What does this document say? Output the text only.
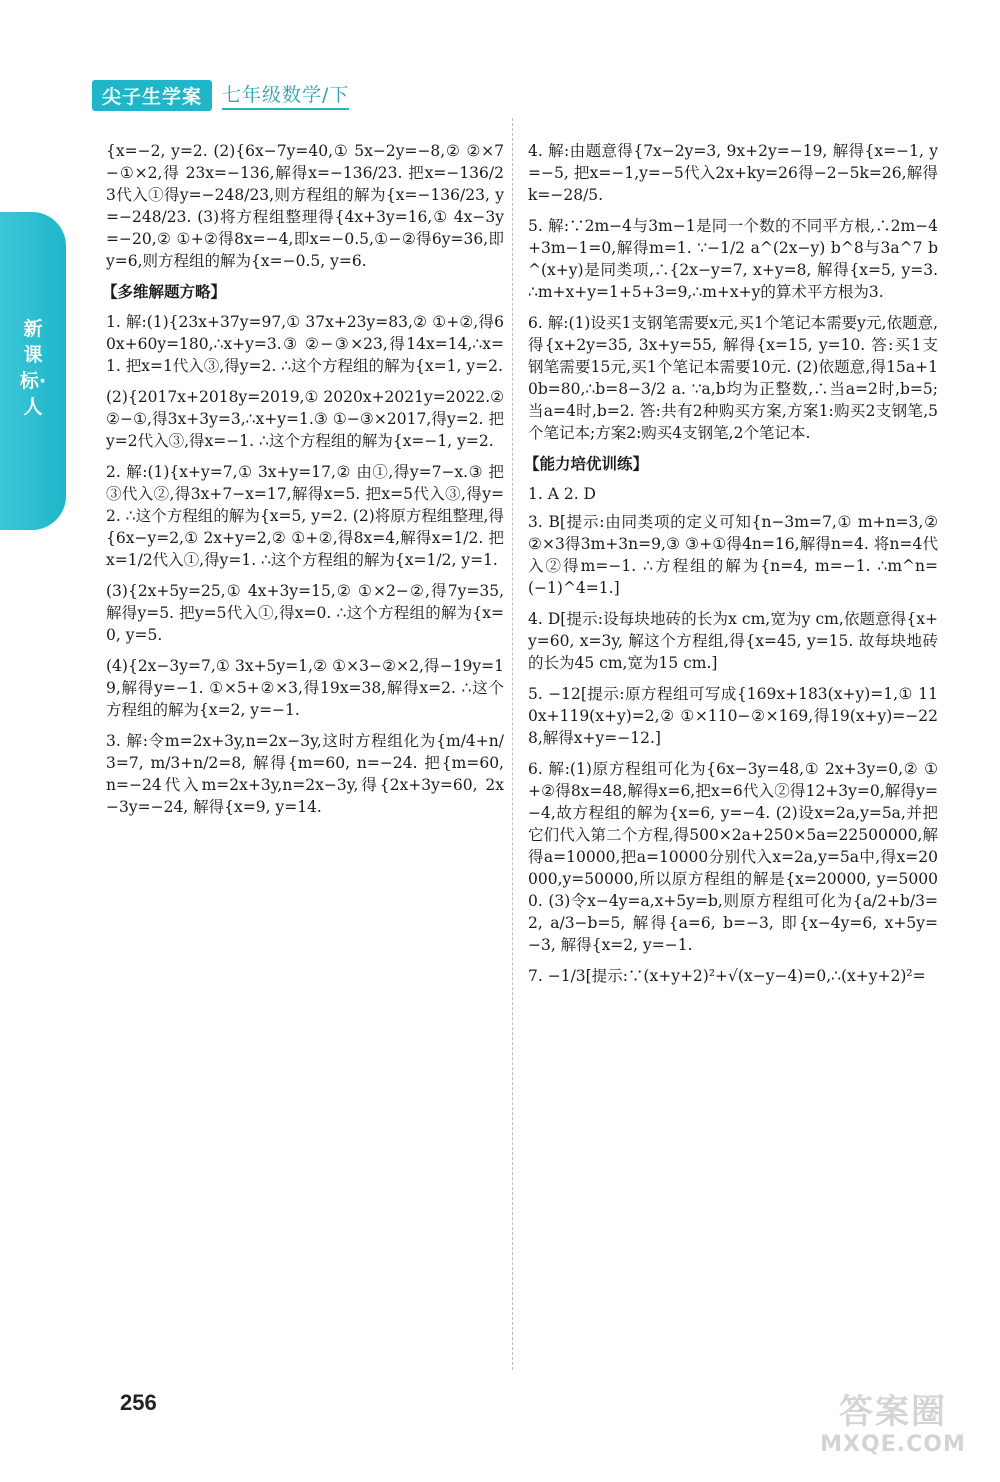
尖子生学案	七年级数学/下
新课标·人

{x=−2, y=2. (2){6x−7y=40,① 5x−2y=−8,② ②×7−①×2,得 23x=−136,解得x=−136/23. 把x=−136/23代入①得y=−248/23,则方程组的解为{x=−136/23, y=−248/23. (3)将方程组整理得{4x+3y=16,① 4x−3y=−20,② ①+②得8x=−4,即x=−0.5,①−②得6y=36,即y=6,则方程组的解为{x=−0.5, y=6.

【多维解题方略】

1. 解:(1){23x+37y=97,① 37x+23y=83,② ①+②,得60x+60y=180,∴x+y=3.③ ②−③×23,得14x=14,∴x=1. 把x=1代入③,得y=2. ∴这个方程组的解为{x=1, y=2.

(2){2017x+2018y=2019,① 2020x+2021y=2022.② ②−①,得3x+3y=3,∴x+y=1.③ ①−③×2017,得y=2. 把y=2代入③,得x=−1. ∴这个方程组的解为{x=−1, y=2.

2. 解:(1){x+y=7,① 3x+y=17,② 由①,得y=7−x.③ 把③代入②,得3x+7−x=17,解得x=5. 把x=5代入③,得y=2. ∴这个方程组的解为{x=5, y=2. (2)将原方程组整理,得{6x−y=2,① 2x+y=2,② ①+②,得8x=4,解得x=1/2. 把x=1/2代入①,得y=1. ∴这个方程组的解为{x=1/2, y=1.

(3){2x+5y=25,① 4x+3y=15,② ①×2−②,得7y=35,解得y=5. 把y=5代入①,得x=0. ∴这个方程组的解为{x=0, y=5.

(4){2x−3y=7,① 3x+5y=1,② ①×3−②×2,得−19y=19,解得y=−1. ①×5+②×3,得19x=38,解得x=2. ∴这个方程组的解为{x=2, y=−1.

3. 解:令m=2x+3y,n=2x−3y,这时方程组化为{m/4+n/3=7, m/3+n/2=8, 解得{m=60, n=−24. 把{m=60, n=−24代入m=2x+3y,n=2x−3y,得{2x+3y=60, 2x−3y=−24, 解得{x=9, y=14.

4. 解:由题意得{7x−2y=3, 9x+2y=−19, 解得{x=−1, y=−5, 把x=−1,y=−5代入2x+ky=26得−2−5k=26,解得k=−28/5.

5. 解:∵2m−4与3m−1是同一个数的不同平方根,∴2m−4+3m−1=0,解得m=1. ∵−1/2 a^(2x−y) b^8与3a^7 b^(x+y)是同类项,∴{2x−y=7, x+y=8, 解得{x=5, y=3. ∴m+x+y=1+5+3=9,∴m+x+y的算术平方根为3.

6. 解:(1)设买1支钢笔需要x元,买1个笔记本需要y元,依题意,得{x+2y=35, 3x+y=55, 解得{x=15, y=10. 答:买1支钢笔需要15元,买1个笔记本需要10元. (2)依题意,得15a+10b=80,∴b=8−3/2 a. ∵a,b均为正整数,∴当a=2时,b=5;当a=4时,b=2. 答:共有2种购买方案,方案1:购买2支钢笔,5个笔记本;方案2:购买4支钢笔,2个笔记本.

【能力培优训练】

1. A 2. D

3. B[提示:由同类项的定义可知{n−3m=7,① m+n=3,② ②×3得3m+3n=9,③ ③+①得4n=16,解得n=4. 将n=4代入②得m=−1. ∴方程组的解为{n=4, m=−1. ∴m^n=(−1)^4=1.]

4. D[提示:设每块地砖的长为x cm,宽为y cm,依题意得{x+y=60, x=3y, 解这个方程组,得{x=45, y=15. 故每块地砖的长为45 cm,宽为15 cm.]

5. −12[提示:原方程组可写成{169x+183(x+y)=1,① 110x+119(x+y)=2,② ①×110−②×169,得19(x+y)=−228,解得x+y=−12.]

6. 解:(1)原方程组可化为{6x−3y=48,① 2x+3y=0,② ①+②得8x=48,解得x=6,把x=6代入②得12+3y=0,解得y=−4,故方程组的解为{x=6, y=−4. (2)设x=2a,y=5a,并把它们代入第二个方程,得500×2a+250×5a=22500000,解得a=10000,把a=10000分别代入x=2a,y=5a中,得x=20000,y=50000,所以原方程组的解是{x=20000, y=50000. (3)令x−4y=a,x+5y=b,则原方程组可化为{a/2+b/3=2, a/3−b=5, 解得{a=6, b=−3, 即{x−4y=6, x+5y=−3, 解得{x=2, y=−1.

7. −1/3[提示:∵(x+y+2)²+√(x−y−4)=0,∴(x+y+2)²=

256	答案圈
MXQE.COM
